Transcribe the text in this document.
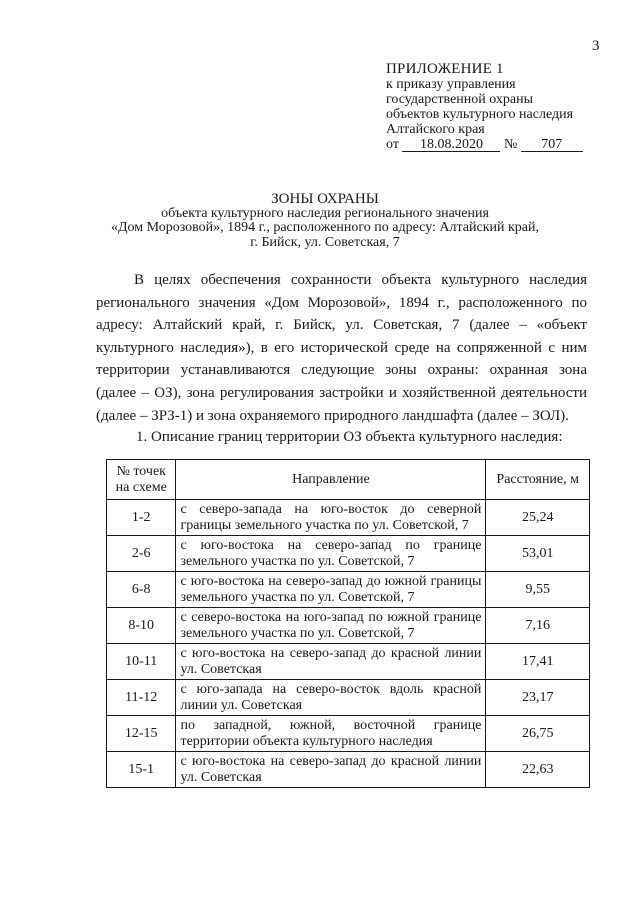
3
ПРИЛОЖЕНИЕ 1
к приказу управления
государственной охраны
объектов культурного наследия
Алтайского края
от 18.08.2020 № 707
ЗОНЫ ОХРАНЫ
объекта культурного наследия регионального значения
«Дом Морозовой», 1894 г., расположенного по адресу: Алтайский край,
г. Бийск, ул. Советская, 7
В целях обеспечения сохранности объекта культурного наследия регионального значения «Дом Морозовой», 1894 г., расположенного по адресу: Алтайский край, г. Бийск, ул. Советская, 7 (далее – «объект культурного наследия»), в его исторической среде на сопряженной с ним территории устанавливаются следующие зоны охраны: охранная зона (далее – ОЗ), зона регулирования застройки и хозяйственной деятельности (далее – ЗРЗ-1) и зона охраняемого природного ландшафта (далее – ЗОЛ).
1. Описание границ территории ОЗ объекта культурного наследия:
№ точек на схеме	Направление	Расстояние, м
1-2	с северо-запада на юго-восток до северной границы земельного участка по ул. Советской, 7	25,24
2-6	с юго-востока на северо-запад по границе земельного участка по ул. Советской, 7	53,01
6-8	с юго-востока на северо-запад до южной границы земельного участка по ул. Советской, 7	9,55
8-10	с северо-востока на юго-запад по южной границе земельного участка по ул. Советской, 7	7,16
10-11	с юго-востока на северо-запад до красной линии ул. Советская	17,41
11-12	с юго-запада на северо-восток вдоль красной линии ул. Советская	23,17
12-15	по западной, южной, восточной границе территории объекта культурного наследия	26,75
15-1	с юго-востока на северо-запад до красной линии ул. Советская	22,63
